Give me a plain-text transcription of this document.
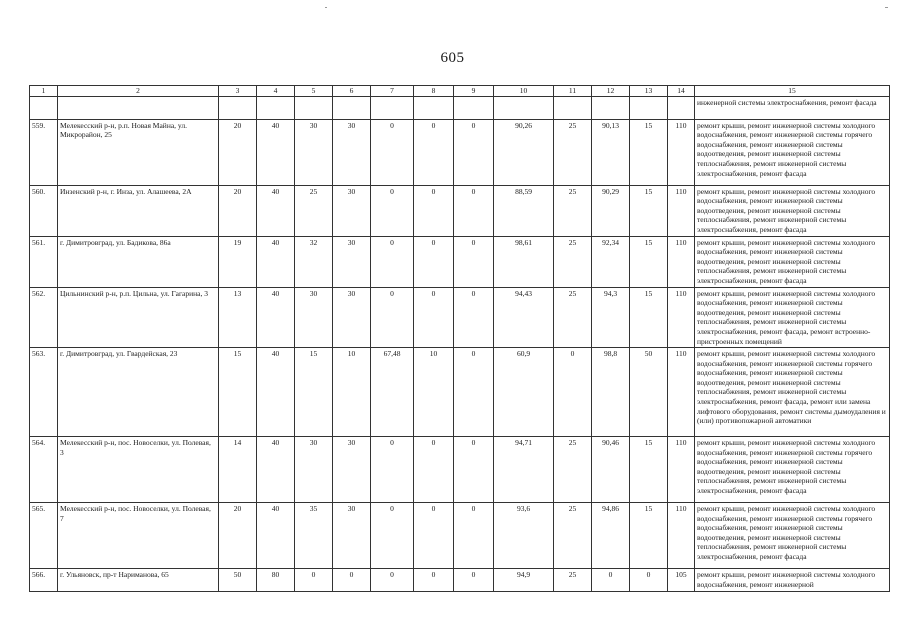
605
1	2	3	4	5	6	7	8	9	10	11	12	13	14	15
														инженерной системы электроснабжения, ремонт фасада
559.	Мелекесский р-н, р.п. Новая Майна, ул. Микрорайон, 25	20	40	30	30	0	0	0	90,26	25	90,13	15	110	ремонт крыши, ремонт инженерной системы холодного водоснабжения, ремонт инженерной системы горячего водоснабжения, ремонт инженерной системы водоотведения, ремонт инженерной системы теплоснабжения, ремонт инженерной системы электроснабжения, ремонт фасада
560.	Инзенский р-н, г. Инза, ул. Алашеева, 2А	20	40	25	30	0	0	0	88,59	25	90,29	15	110	ремонт крыши, ремонт инженерной системы холодного водоснабжения, ремонт инженерной системы водоотведения, ремонт инженерной системы теплоснабжения, ремонт инженерной системы электроснабжения, ремонт фасада
561.	г. Димитровград, ул. Бадикова, 86а	19	40	32	30	0	0	0	98,61	25	92,34	15	110	ремонт крыши, ремонт инженерной системы холодного водоснабжения, ремонт инженерной системы водоотведения, ремонт инженерной системы теплоснабжения, ремонт инженерной системы электроснабжения, ремонт фасада
562.	Цильнинский р-н, р.п. Цильна, ул. Гагарина, 3	13	40	30	30	0	0	0	94,43	25	94,3	15	110	ремонт крыши, ремонт инженерной системы холодного водоснабжения, ремонт инженерной системы водоотведения, ремонт инженерной системы теплоснабжения, ремонт инженерной системы электроснабжения, ремонт фасада, ремонт встроенно-пристроенных помещений
563.	г. Димитровград, ул. Гвардейская, 23	15	40	15	10	67,48	10	0	60,9	0	98,8	50	110	ремонт крыши, ремонт инженерной системы холодного водоснабжения, ремонт инженерной системы горячего водоснабжения, ремонт инженерной системы водоотведения, ремонт инженерной системы теплоснабжения, ремонт инженерной системы электроснабжения, ремонт фасада, ремонт или замена лифтового оборудования, ремонт системы дымоудаления и (или) противопожарной автоматики
564.	Мелекесский р-н, пос. Новоселки, ул. Полевая, 3	14	40	30	30	0	0	0	94,71	25	90,46	15	110	ремонт крыши, ремонт инженерной системы холодного водоснабжения, ремонт инженерной системы горячего водоснабжения, ремонт инженерной системы водоотведения, ремонт инженерной системы теплоснабжения, ремонт инженерной системы электроснабжения, ремонт фасада
565.	Мелекесский р-н, пос. Новоселки, ул. Полевая, 7	20	40	35	30	0	0	0	93,6	25	94,86	15	110	ремонт крыши, ремонт инженерной системы холодного водоснабжения, ремонт инженерной системы горячего водоснабжения, ремонт инженерной системы водоотведения, ремонт инженерной системы теплоснабжения, ремонт инженерной системы электроснабжения, ремонт фасада
566.	г. Ульяновск, пр-т Нариманова, 65	50	80	0	0	0	0	0	94,9	25	0	0	105	ремонт крыши, ремонт инженерной системы холодного водоснабжения, ремонт инженерной
